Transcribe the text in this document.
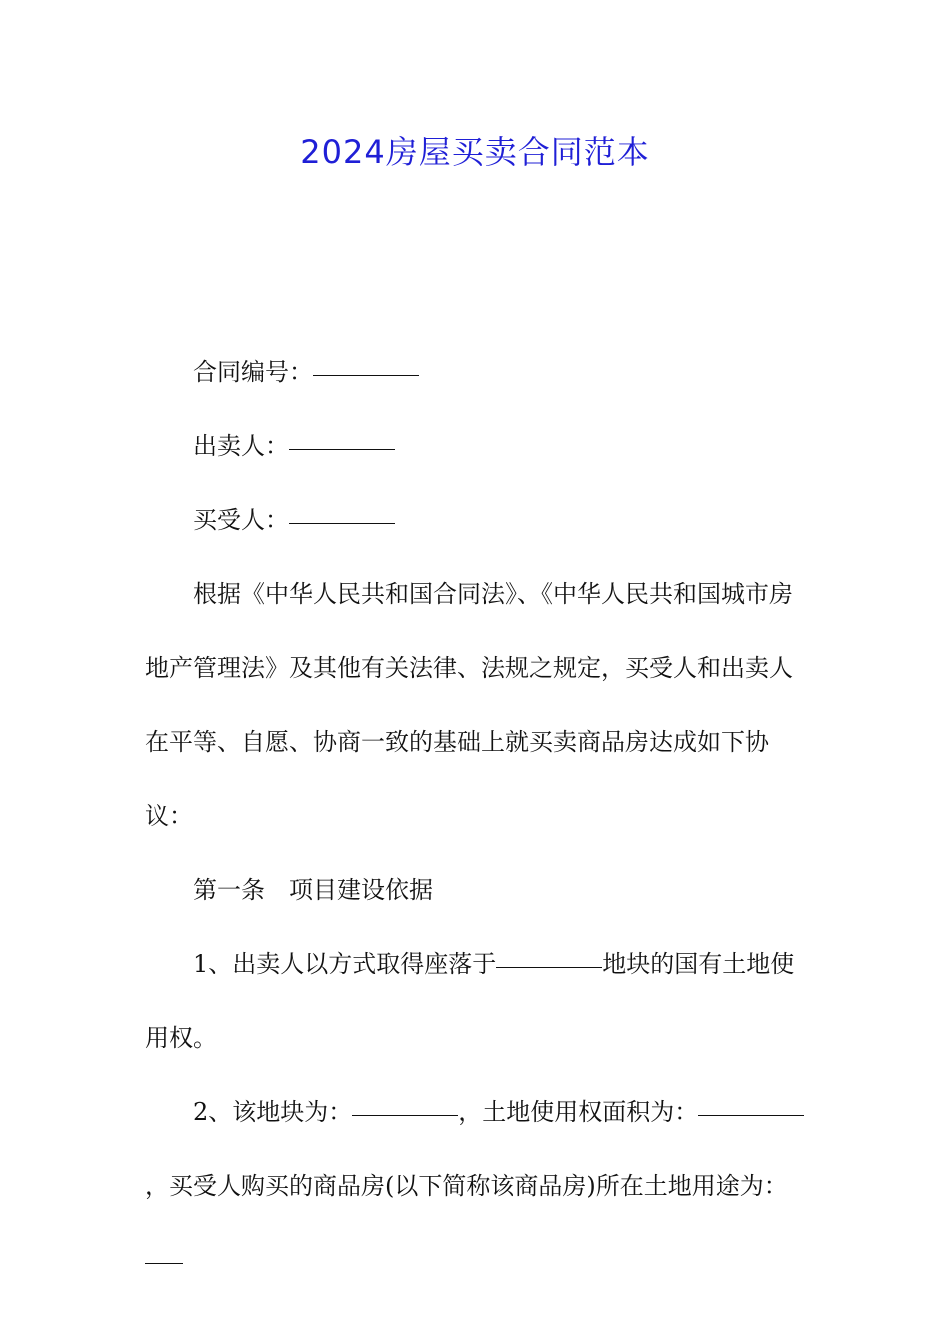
2024房屋买卖合同范本

合同编号：

出卖人：

买受人：

根据《中华人民共和国合同法》、《中华人民共和国城市房地产管理法》及其他有关法律、法规之规定，买受人和出卖人在平等、自愿、协商一致的基础上就买卖商品房达成如下协议：

第一条　项目建设依据

1、出卖人以方式取得座落于	地块的国有土地使用权。

2、该地块为：	，土地使用权面积为：，买受人购买的商品房(以下简称该商品房)所在土地用途为：
